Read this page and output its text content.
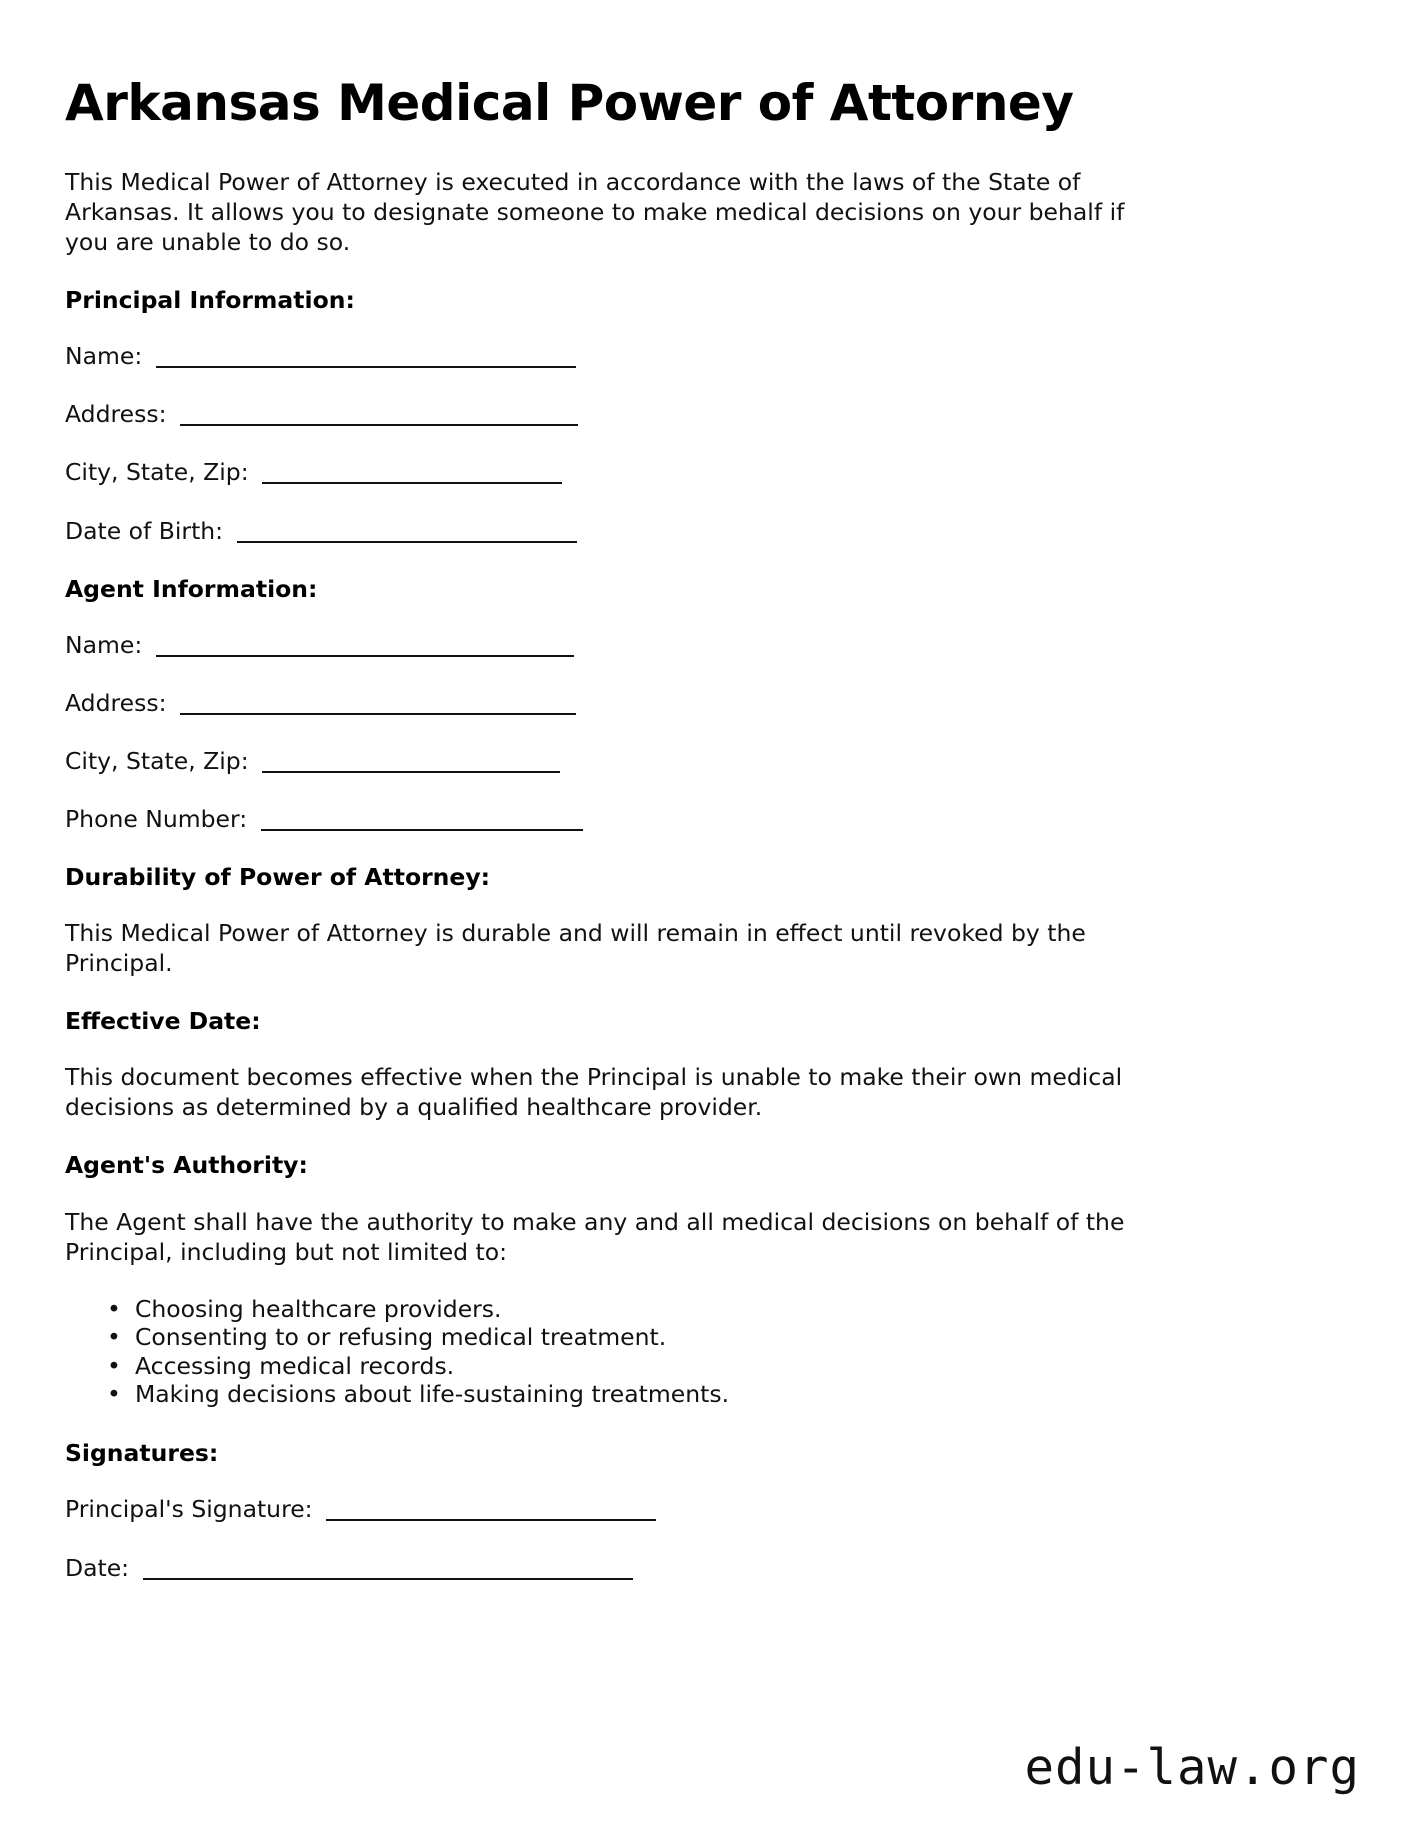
Arkansas Medical Power of Attorney

This Medical Power of Attorney is executed in accordance with the laws of the State of Arkansas. It allows you to designate someone to make medical decisions on your behalf if you are unable to do so.

Principal Information:
Name:
Address:
City, State, Zip:
Date of Birth:
Agent Information:
Name:
Address:
City, State, Zip:
Phone Number:
Durability of Power of Attorney:

This Medical Power of Attorney is durable and will remain in effect until revoked by the Principal.

Effective Date:

This document becomes effective when the Principal is unable to make their own medical decisions as determined by a qualified healthcare provider.

Agent's Authority:

The Agent shall have the authority to make any and all medical decisions on behalf of the Principal, including but not limited to:

• Choosing healthcare providers.
• Consenting to or refusing medical treatment.
• Accessing medical records.
• Making decisions about life-sustaining treatments.
Signatures:
Principal's Signature:
Date:
edu-law.org
